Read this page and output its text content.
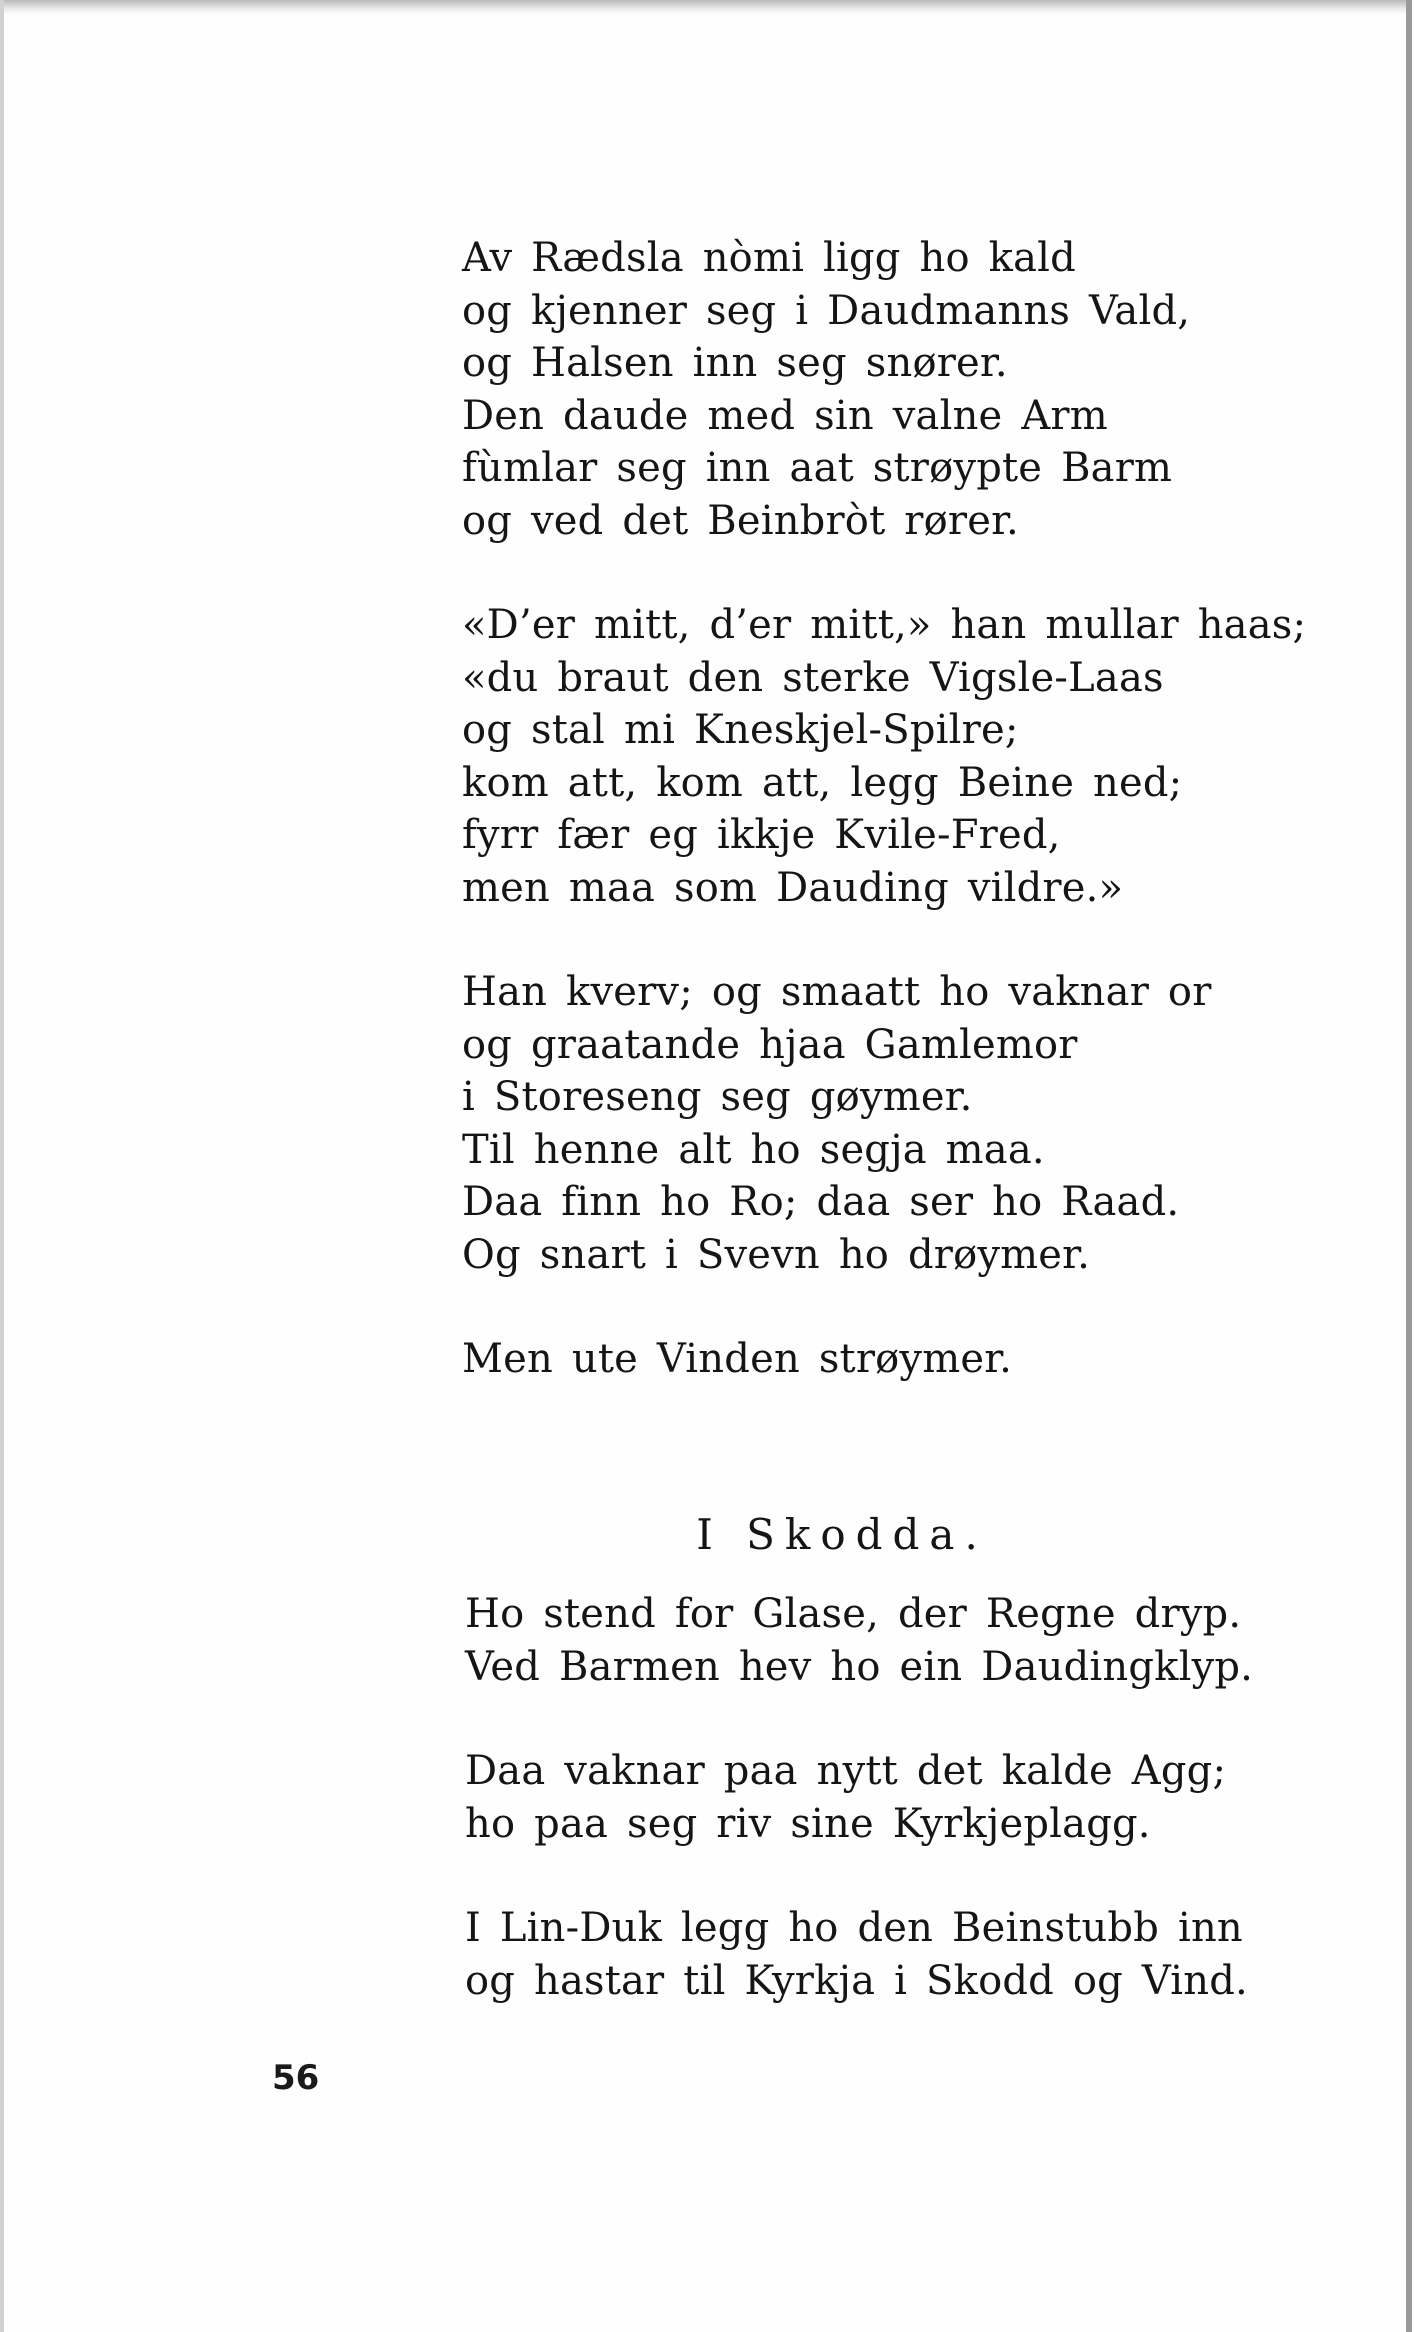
Av Rædsla nòmi ligg ho kald
og kjenner seg i Daudmanns Vald,
og Halsen inn seg snører.
Den daude med sin valne Arm
fùmlar seg inn aat strøypte Barm
og ved det Beinbròt rører.
«D’er mitt, d’er mitt,» han mullar haas;
«du braut den sterke Vigsle-Laas
og stal mi Kneskjel-Spilre;
kom att, kom att, legg Beine ned;
fyrr fær eg ikkje Kvile-Fred,
men maa som Dauding vildre.»
Han kverv; og smaatt ho vaknar or
og graatande hjaa Gamlemor
i Storeseng seg gøymer.
Til henne alt ho segja maa.
Daa finn ho Ro; daa ser ho Raad.
Og snart i Svevn ho drøymer.
Men ute Vinden strøymer.
I Skodda.
Ho stend for Glase, der Regne dryp.
Ved Barmen hev ho ein Daudingklyp.
Daa vaknar paa nytt det kalde Agg;
ho paa seg riv sine Kyrkjeplagg.
I Lin-Duk legg ho den Beinstubb inn
og hastar til Kyrkja i Skodd og Vind.
56
